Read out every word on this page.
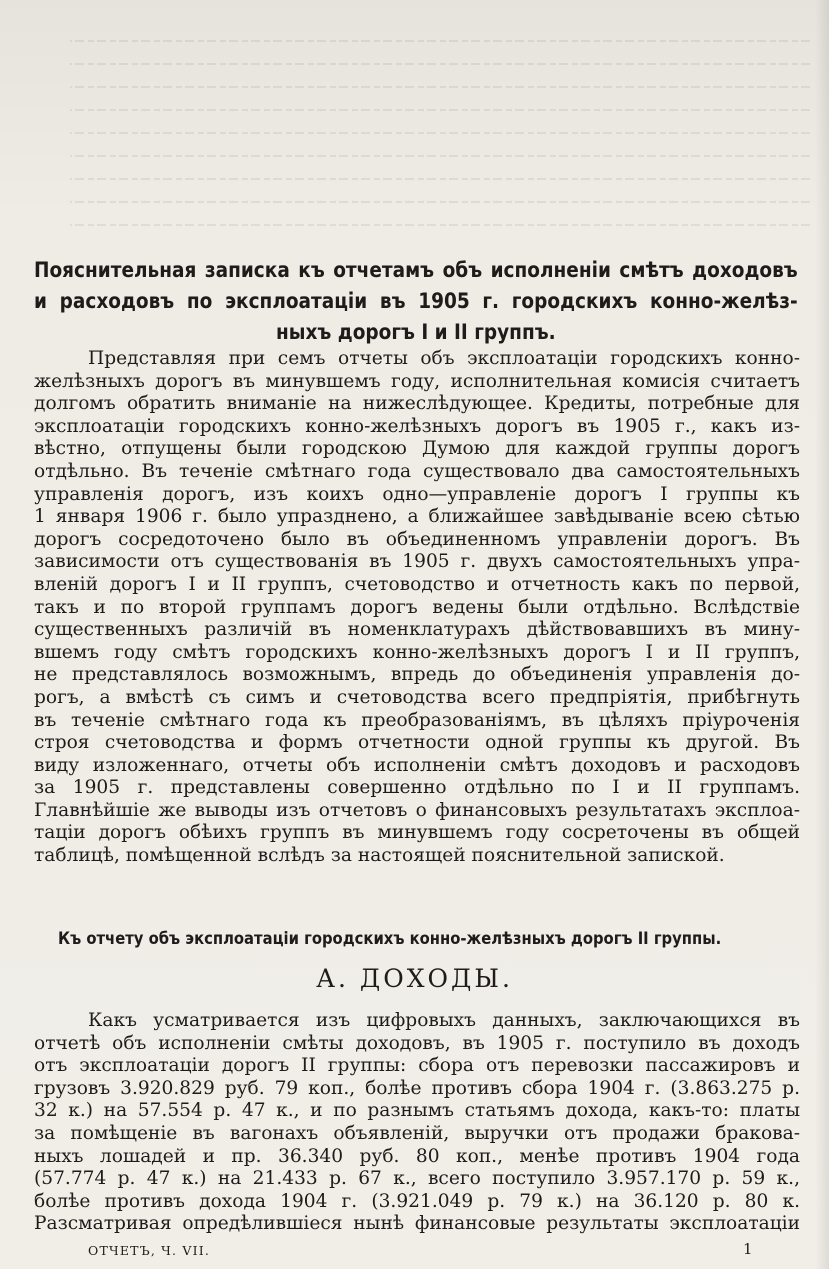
Пояснительная записка къ отчетамъ объ исполненіи смѣтъ доходовъ
и расходовъ по эксплоатаціи въ 1905 г. городскихъ конно-желѣз-
ныхъ дорогъ I и II группъ.
Представляя при семъ отчеты объ эксплоатаціи городскихъ конно-
желѣзныхъ дорогъ въ минувшемъ году, исполнительная комисія считаетъ
долгомъ обратить вниманіе на нижеслѣдующее. Кредиты, потребные для
эксплоатаціи городскихъ конно-желѣзныхъ дорогъ въ 1905 г., какъ из-
вѣстно, отпущены были городскою Думою для каждой группы дорогъ
отдѣльно. Въ теченіе смѣтнаго года существовало два самостоятельныхъ
управленія дорогъ, изъ коихъ одно—управленіе дорогъ I группы къ
1 января 1906 г. было упразднено, а ближайшее завѣдываніе всею сѣтью
дорогъ сосредоточено было въ объединенномъ управленіи дорогъ. Въ
зависимости отъ существованія въ 1905 г. двухъ самостоятельныхъ упра-
вленій дорогъ I и II группъ, счетоводство и отчетность какъ по первой,
такъ и по второй группамъ дорогъ ведены были отдѣльно. Вслѣдствіе
существенныхъ различій въ номенклатурахъ дѣйствовавшихъ въ мину-
вшемъ году смѣтъ городскихъ конно-желѣзныхъ дорогъ I и II группъ,
не представлялось возможнымъ, впредь до объединенія управленія до-
рогъ, а вмѣстѣ съ симъ и счетоводства всего предпріятія, прибѣгнуть
въ теченіе смѣтнаго года къ преобразованіямъ, въ цѣляхъ пріуроченія
строя счетоводства и формъ отчетности одной группы къ другой. Въ
виду изложеннаго, отчеты объ исполненіи смѣтъ доходовъ и расходовъ
за 1905 г. представлены совершенно отдѣльно по I и II группамъ.
Главнѣйшіе же выводы изъ отчетовъ о финансовыхъ результатахъ эксплоа-
таціи дорогъ обѣихъ группъ въ минувшемъ году сосреточены въ общей
таблицѣ, помѣщенной вслѣдъ за настоящей пояснительной запиской.
Къ отчету объ эксплоатаціи городскихъ конно-желѣзныхъ дорогъ II группы.
А. ДОХОДЫ.
Какъ усматривается изъ цифровыхъ данныхъ, заключающихся въ
отчетѣ объ исполненіи смѣты доходовъ, въ 1905 г. поступило въ доходъ
отъ эксплоатаціи дорогъ II группы: сбора отъ перевозки пассажировъ и
грузовъ 3.920.829 руб. 79 коп., болѣе противъ сбора 1904 г. (3.863.275 р.
32 к.) на 57.554 р. 47 к., и по разнымъ статьямъ дохода, какъ-то: платы
за помѣщеніе въ вагонахъ объявленій, выручки отъ продажи бракова-
ныхъ лошадей и пр. 36.340 руб. 80 коп., менѣе противъ 1904 года
(57.774 р. 47 к.) на 21.433 р. 67 к., всего поступило 3.957.170 р. 59 к.,
болѣе противъ дохода 1904 г. (3.921.049 р. 79 к.) на 36.120 р. 80 к.
Разсматривая опредѣлившіеся нынѣ финансовые результаты эксплоатаціи
ОТЧЕТЪ, Ч. VII.	1
